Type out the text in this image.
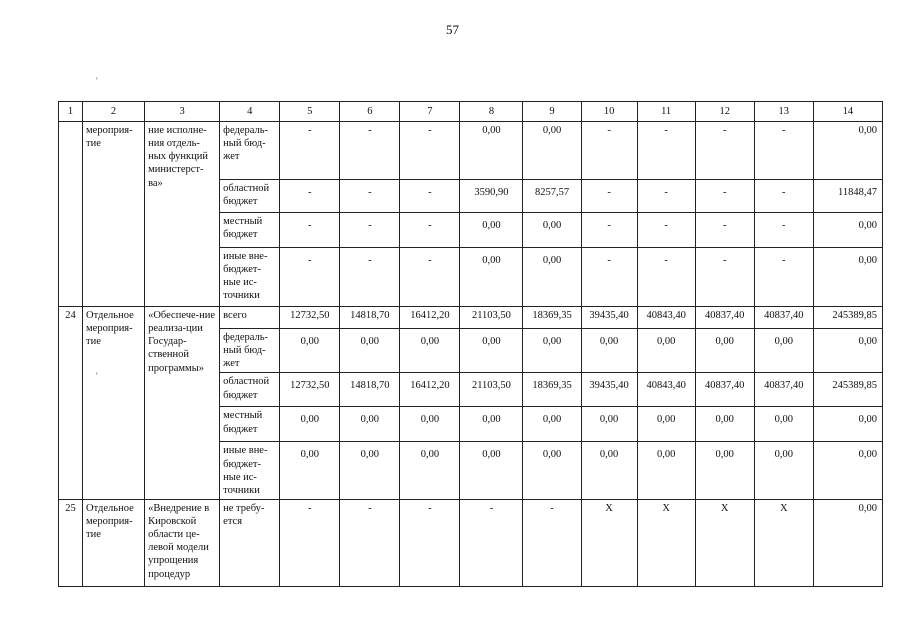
57
'
'
1	2	3	4	5	6	7	8	9	10	11	12	13	14
	мероприя-тие	ние исполне-ния отдель-ных функций министерст-ва»	федераль-ный бюд-жет	-	-	-	0,00	0,00	-	-	-	-	0,00
			областной бюджет	-	-	-	3590,90	8257,57	-	-	-	-	11848,47
			местный бюджет	-	-	-	0,00	0,00	-	-	-	-	0,00
			иные вне-бюджет-ные ис-точники	-	-	-	0,00	0,00	-	-	-	-	0,00
24	Отдельное мероприя-тие	«Обеспече-ние реализа-ции Государ-ственной программы»	всего	12732,50	14818,70	16412,20	21103,50	18369,35	39435,40	40843,40	40837,40	40837,40	245389,85
			федераль-ный бюд-жет	0,00	0,00	0,00	0,00	0,00	0,00	0,00	0,00	0,00	0,00
			областной бюджет	12732,50	14818,70	16412,20	21103,50	18369,35	39435,40	40843,40	40837,40	40837,40	245389,85
			местный бюджет	0,00	0,00	0,00	0,00	0,00	0,00	0,00	0,00	0,00	0,00
			иные вне-бюджет-ные ис-точники	0,00	0,00	0,00	0,00	0,00	0,00	0,00	0,00	0,00	0,00
25	Отдельное мероприя-тие	«Внедрение в Кировской области це-левой модели упрощения процедур	не требу-ется	-	-	-	-	-	Х	Х	Х	Х	0,00
